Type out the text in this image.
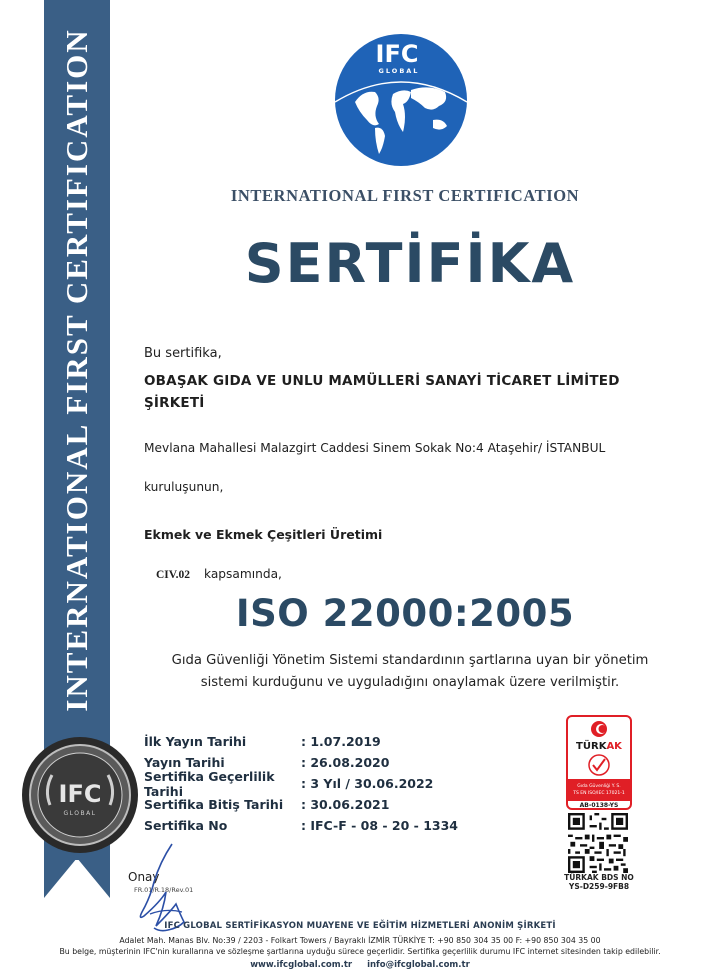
INTERNATIONAL FIRST CERTIFICATION
IFC
GLOBAL
IFC
GLOBAL
INTERNATIONAL FIRST CERTIFICATION
SERTİFİKA
Bu sertifika,
OBAŞAK GIDA VE UNLU MAMÜLLERİ SANAYİ TİCARET LİMİTED
ŞİRKETİ
Mevlana Mahallesi Malazgirt Caddesi Sinem Sokak No:4 Ataşehir/ İSTANBUL
kuruluşunun,
Ekmek ve Ekmek Çeşitleri Üretimi
CIV.02 kapsamında,
ISO 22000:2005
Gıda Güvenliği Yönetim Sistemi standardının şartlarına uyan bir yönetim
sistemi kurduğunu ve uyguladığını onaylamak üzere verilmiştir.
İlk Yayın Tarihi	: 1.07.2019
Yayın Tarihi	: 26.08.2020
Sertifika Geçerlilik Tarihi	: 3 Yıl / 30.06.2022
Sertifika Bitiş Tarihi	: 30.06.2021
Sertifika No	: IFC-F - 08 - 20 - 1334
TÜRKAK
Gıda Güvenliği Y. S.
TS EN ISO/IEC 17021-1
AB-0138-YS
TÜRKAK BDS NO
YS-D259-9FB8
Onay
FR.01/R.18/Rev.01
IFC GLOBAL SERTİFİKASYON MUAYENE VE EĞİTİM HİZMETLERİ ANONİM ŞİRKETİ
Adalet Mah. Manas Blv. No:39 / 2203 - Folkart Towers / Bayraklı İZMİR TÜRKİYE T: +90 850 304 35 00 F: +90 850 304 35 00
Bu belge, müşterinin IFC'nin kurallarına ve sözleşme şartlarına uyduğu sürece geçerlidir. Sertifika geçerlilik durumu IFC internet sitesinden takip edilebilir.
www.ifcglobal.com.tr info@ifcglobal.com.tr
